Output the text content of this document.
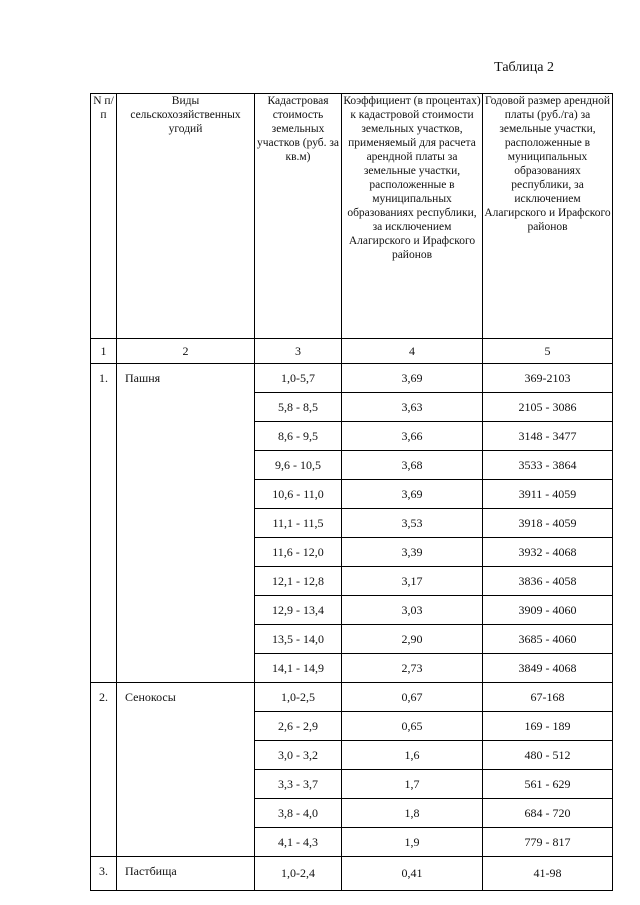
Таблица 2
N п/п	Виды сельскохозяйственных угодий	Кадастровая стоимость земельных участков (руб. за кв.м)	Коэффициент (в процентах) к кадастровой стоимости земельных участков, применяемый для расчета арендной платы за земельные участки, расположенные в муниципальных образованиях республики, за исключением Алагирского и Ирафского районов	Годовой размер арендной платы (руб./га) за земельные участки, расположенные в муниципальных образованиях республики, за исключением Алагирского и Ирафского районов
1	2	3	4	5
1.	Пашня	1,0-5,7	3,69	369-2103
		5,8 - 8,5	3,63	2105 - 3086
		8,6 - 9,5	3,66	3148 - 3477
		9,6 - 10,5	3,68	3533 - 3864
		10,6 - 11,0	3,69	3911 - 4059
		11,1 - 11,5	3,53	3918 - 4059
		11,6 - 12,0	3,39	3932 - 4068
		12,1 - 12,8	3,17	3836 - 4058
		12,9 - 13,4	3,03	3909 - 4060
		13,5 - 14,0	2,90	3685 - 4060
		14,1 - 14,9	2,73	3849 - 4068
2.	Сенокосы	1,0-2,5	0,67	67-168
		2,6 - 2,9	0,65	169 - 189
		3,0 - 3,2	1,6	480 - 512
		3,3 - 3,7	1,7	561 - 629
		3,8 - 4,0	1,8	684 - 720
		4,1 - 4,3	1,9	779 - 817
3.	Пастбища	1,0-2,4	0,41	41-98
